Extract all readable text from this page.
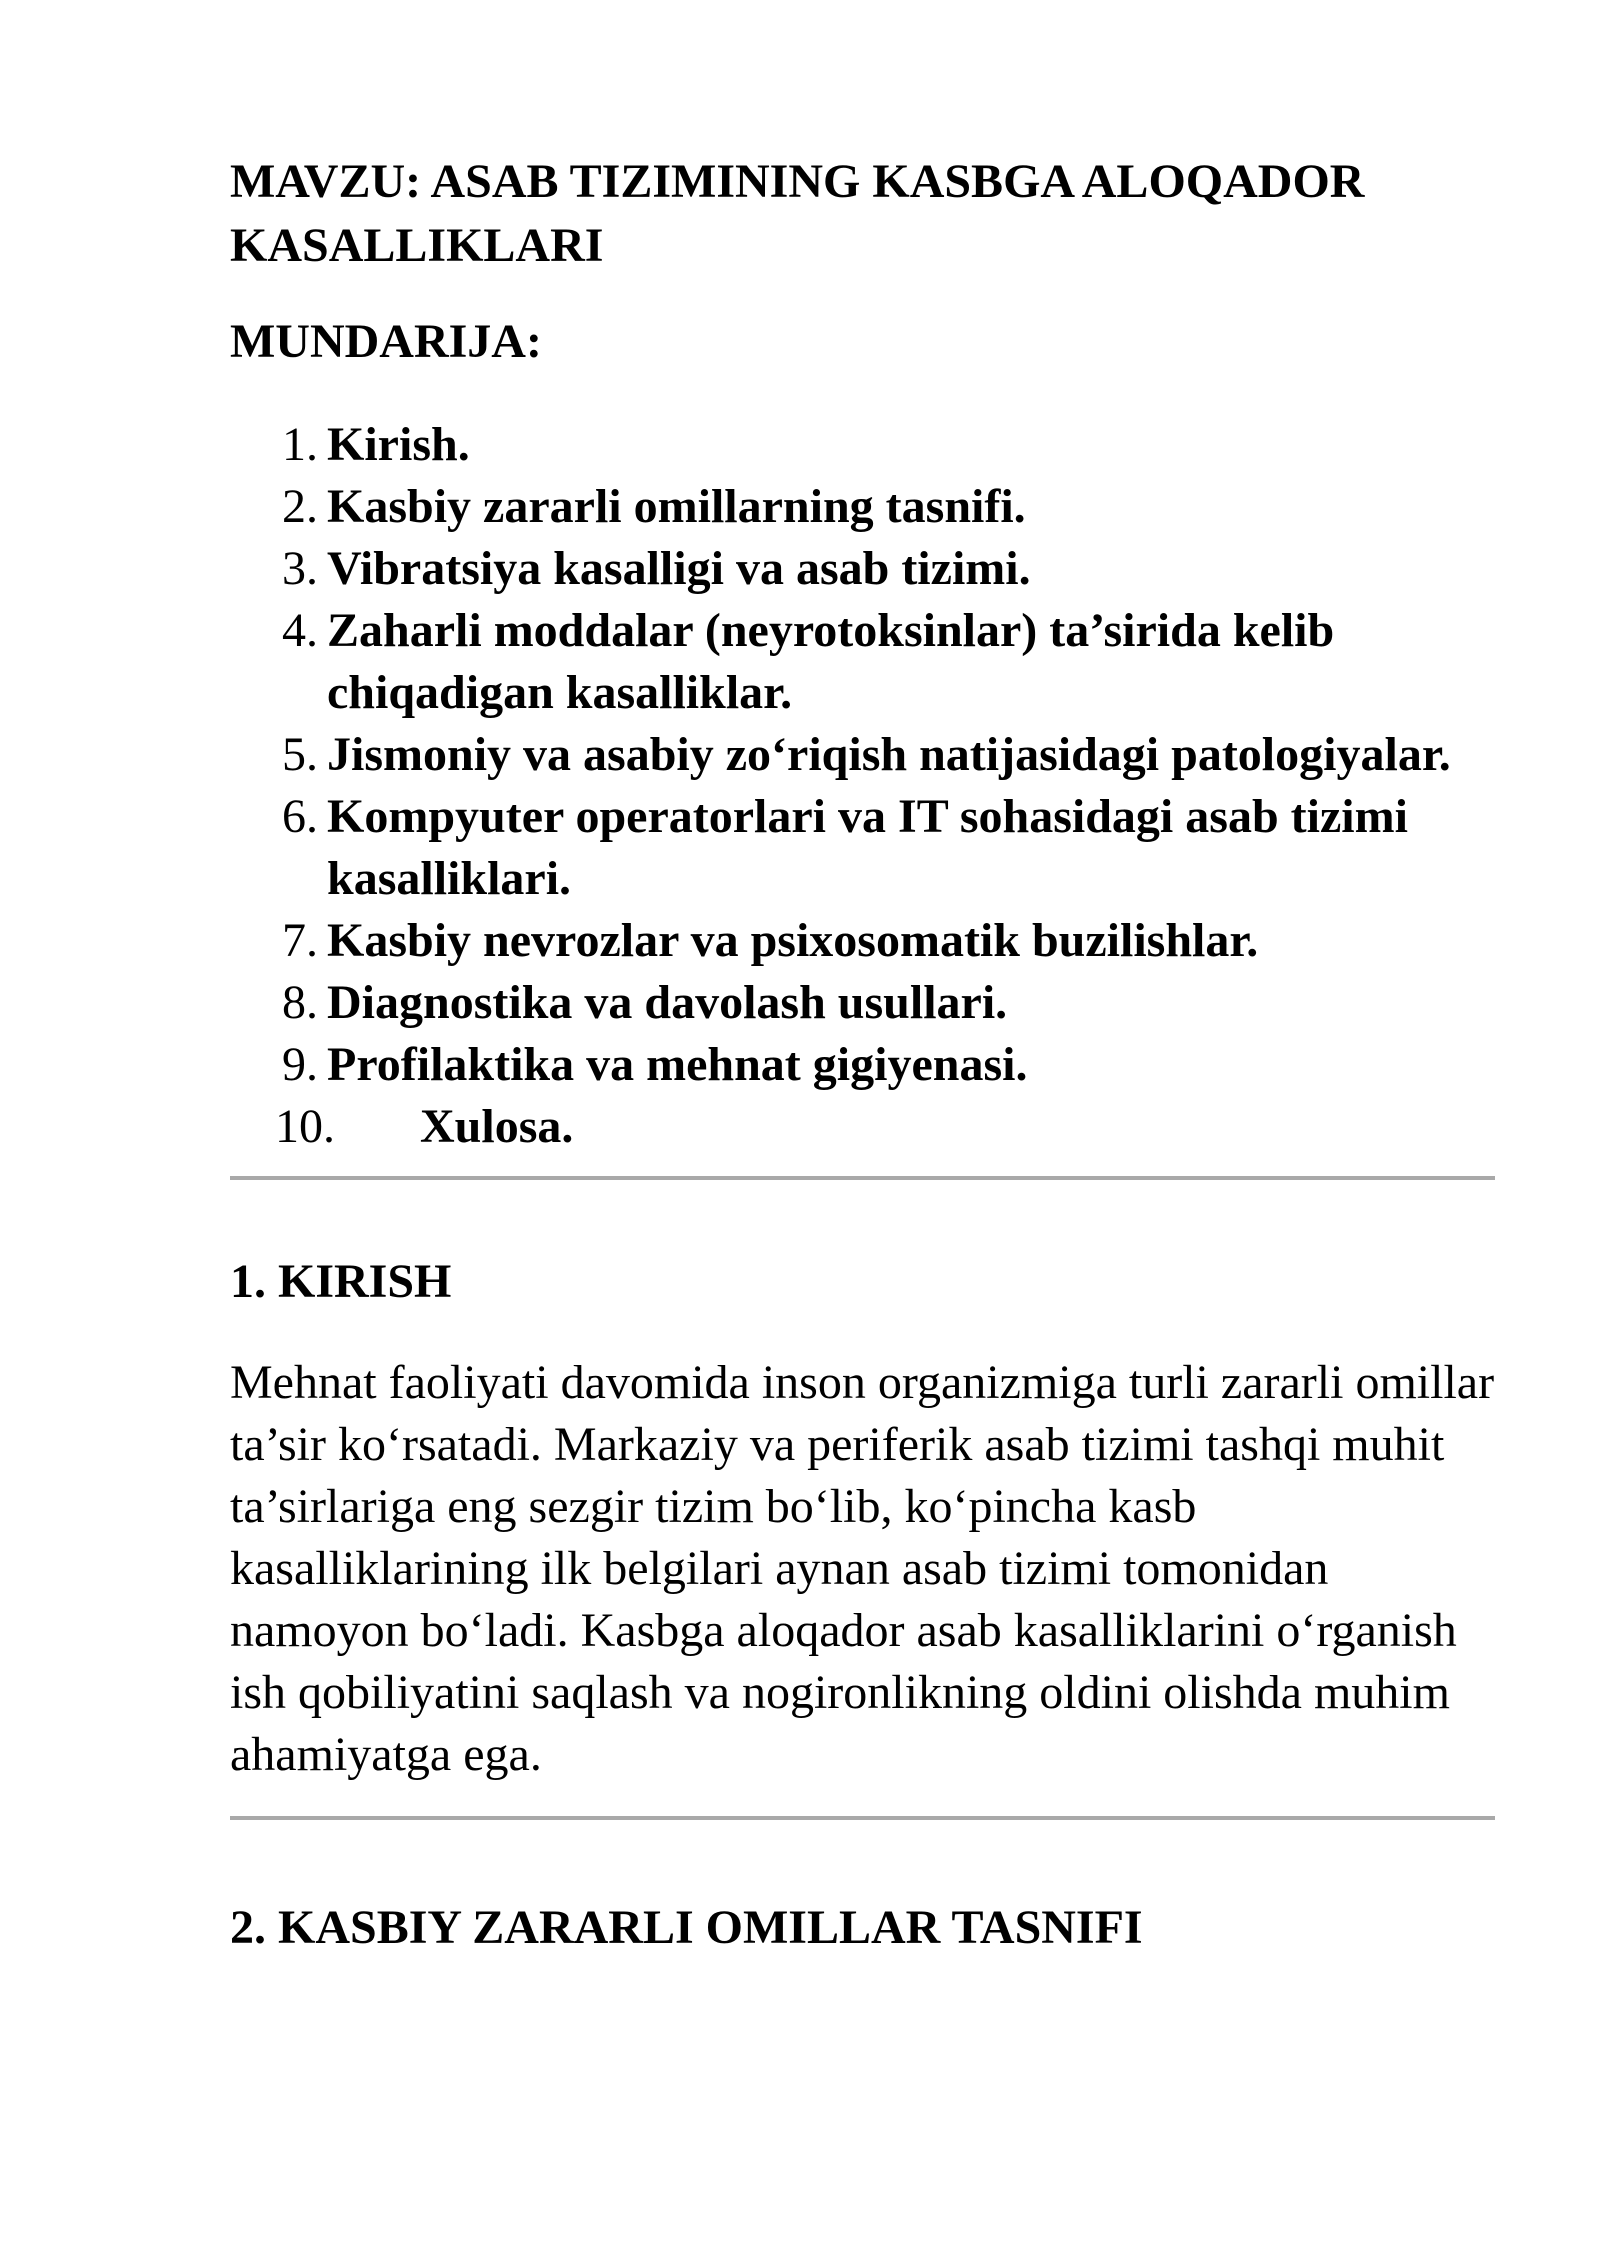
MAVZU: ASAB TIZIMINING KASBGA ALOQADOR KASALLIKLARI
MUNDARIJA:
1. Kirish.
2. Kasbiy zararli omillarning tasnifi.
3. Vibratsiya kasalligi va asab tizimi.
4. Zaharli moddalar (neyrotoksinlar) ta’sirida kelib chiqadigan kasalliklar.
5. Jismoniy va asabiy zo‘riqish natijasidagi patologiyalar.
6. Kompyuter operatorlari va IT sohasidagi asab tizimi kasalliklari.
7. Kasbiy nevrozlar va psixosomatik buzilishlar.
8. Diagnostika va davolash usullari.
9. Profilaktika va mehnat gigiyenasi.
10.	Xulosa.
1. KIRISH

Mehnat faoliyati davomida inson organizmiga turli zararli omillar ta’sir ko‘rsatadi. Markaziy va periferik asab tizimi tashqi muhit ta’sirlariga eng sezgir tizim bo‘lib, ko‘pincha kasb kasalliklarining ilk belgilari aynan asab tizimi tomonidan namoyon bo‘ladi. Kasbga aloqador asab kasalliklarini o‘rganish ish qobiliyatini saqlash va nogironlikning oldini olishda muhim ahamiyatga ega.

2. KASBIY ZARARLI OMILLAR TASNIFI
